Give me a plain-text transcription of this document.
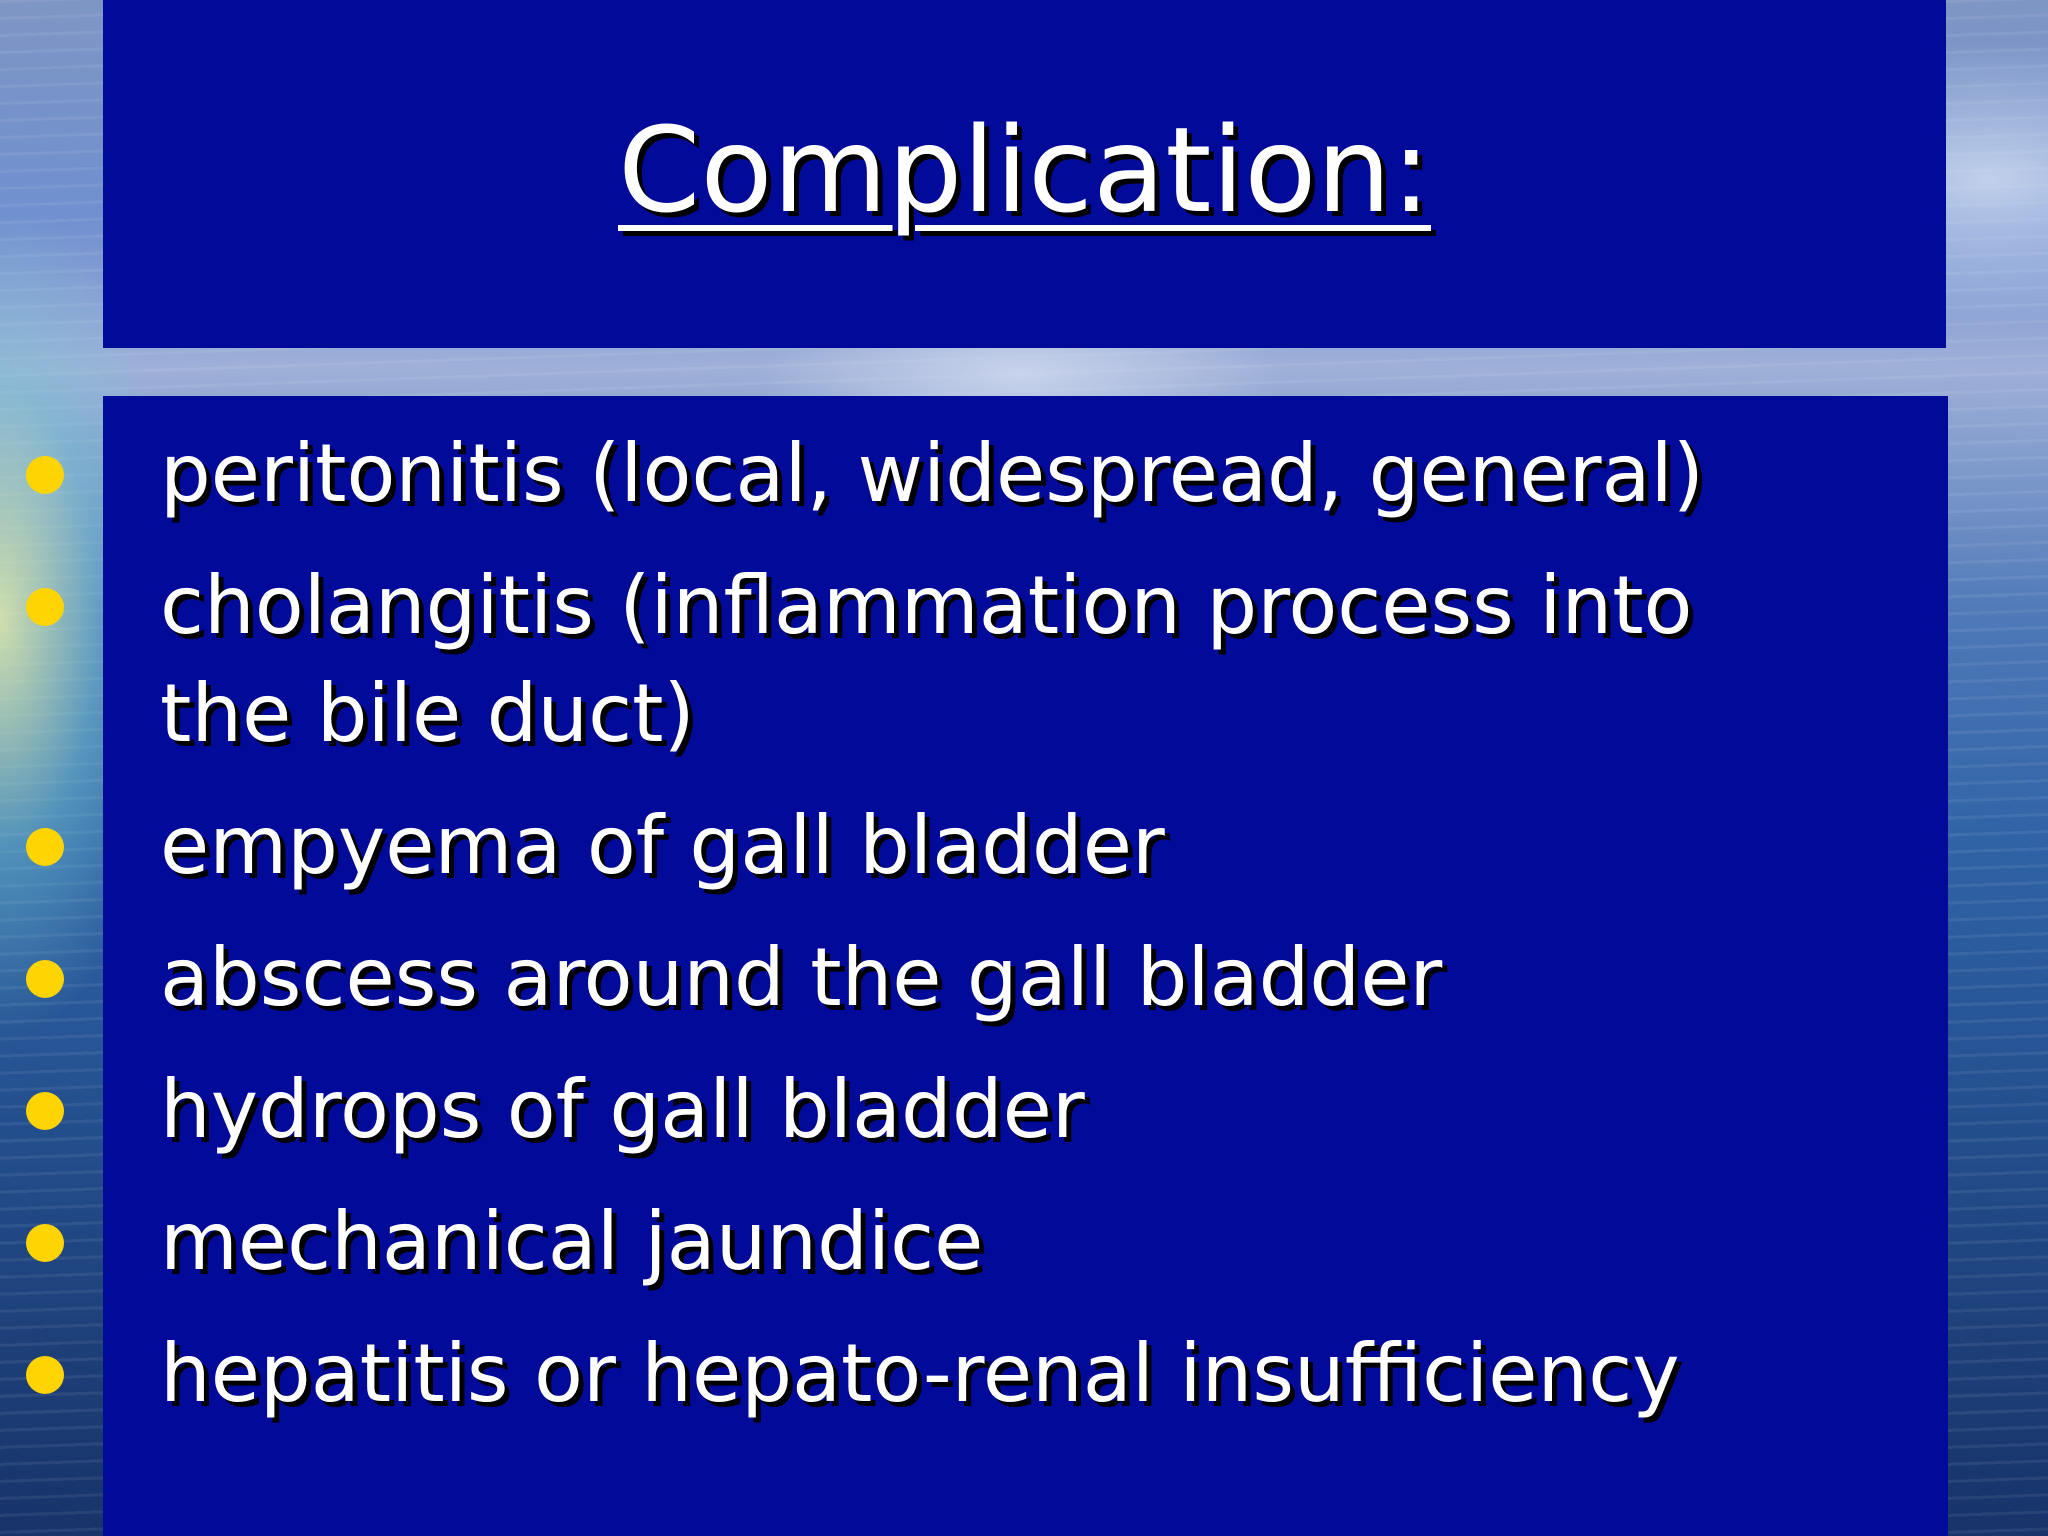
Complication:
peritonitis (local, widespread, general)
cholangitis (inflammation process into the bile duct)
empyema of gall bladder
abscess around the gall bladder
hydrops of gall bladder
mechanical jaundice
hepatitis or hepato-renal insufficiency
